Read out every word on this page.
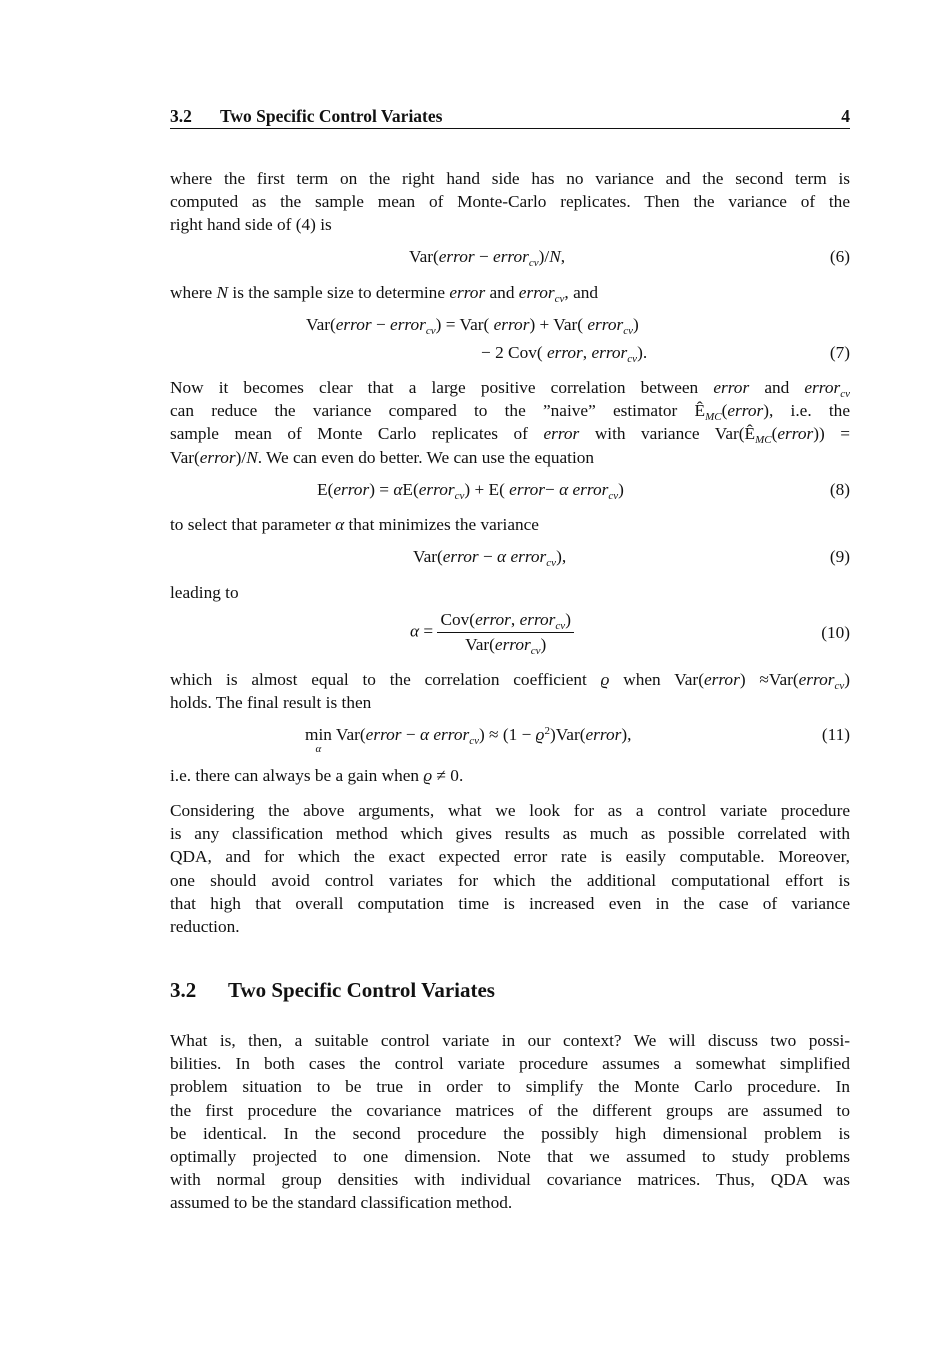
3.2 Two Specific Control Variates	4

where the first term on the right hand side has no variance and the second term is
computed as the sample mean of Monte-Carlo replicates. Then the variance of the
right hand side of (4) is

Var(error − error$_{cv}$)/N,	(6)

where N is the sample size to determine error and error$_{cv}$, and

Var(error − error$_{cv}$) = Var( error) + Var( error$_{cv}$)
− 2 Cov( error, error$_{cv}$).	(7)

Now it becomes clear that a large positive correlation between error and error$_{cv}$
can reduce the variance compared to the ”naive” estimator $Ê_{MC}(error)$, i.e. the
sample mean of Monte Carlo replicates of error with variance $Var(Ê_{MC}(error))$ =
Var(error)/N. We can even do better. We can use the equation

E(error) = αE(error$_{cv}$) + E( error− α error$_{cv}$)	(8)

to select that parameter α that minimizes the variance

Var(error − α error$_{cv}$),	(9)

leading to

$\alpha = \frac{Cov(error, error_{cv})}{Var(error_{cv})}$	(10)

which is almost equal to the correlation coefficient ϱ when Var(error) ≈Var(error$_{cv}$)
holds. The final result is then

min
α
Var(error − α error$_{cv}$) ≈ $(1 - ϱ^2)Var(error)$,	(11)

i.e. there can always be a gain when ϱ ≠ 0.

Considering the above arguments, what we look for as a control variate procedure
is any classification method which gives results as much as possible correlated with
QDA, and for which the exact expected error rate is easily computable. Moreover,
one should avoid control variates for which the additional computational effort is
that high that overall computation time is increased even in the case of variance
reduction.

3.2 Two Specific Control Variates

What is, then, a suitable control variate in our context? We will discuss two possi-
bilities. In both cases the control variate procedure assumes a somewhat simplified
problem situation to be true in order to simplify the Monte Carlo procedure. In
the first procedure the covariance matrices of the different groups are assumed to
be identical. In the second procedure the possibly high dimensional problem is
optimally projected to one dimension. Note that we assumed to study problems
with normal group densities with individual covariance matrices. Thus, QDA was
assumed to be the standard classification method.
